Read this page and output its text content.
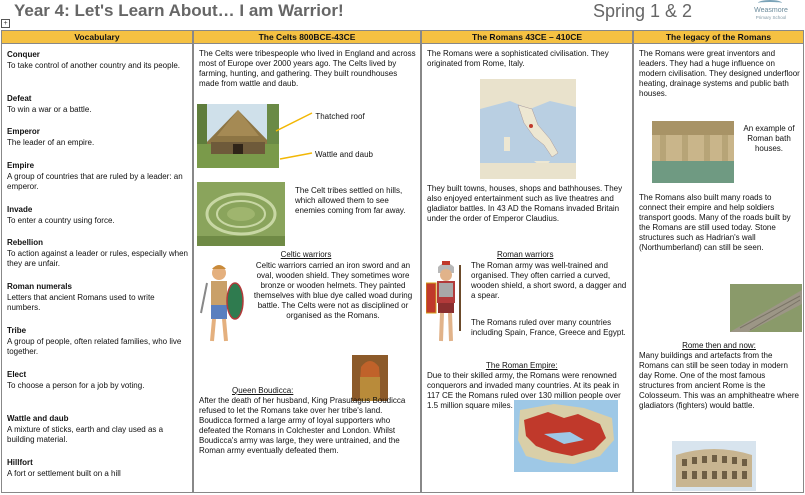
+
Year 4: Let's Learn About… I am Warrior!	Spring 1 & 2	Weasmore
Primary School
Vocabulary
Conquer
To take control of another country and its people.
Defeat
To win a war or a battle.
Emperor
The leader of an empire.
Empire
A group of countries that are ruled by a leader: an emperor.
Invade
To enter a country using force.
Rebellion
To action against a leader or rules, especially when they are unfair.
Roman numerals
Letters that ancient Romans used to write numbers.
Tribe
A group of people, often related families, who live together.
Elect
To choose a person for a job by voting.
Wattle and daub
A mixture of sticks, earth and clay used as a building material.
Hillfort
A fort or settlement built on a hill
The Celts 800BCE-43CE
The Celts were tribespeople who lived in England and across most of Europe over 2000 years ago. The Celts lived by farming, hunting, and gathering. They built roundhouses made from wattle and daub.
Thatched roof
Wattle and daub
The Celt tribes settled on hills, which allowed them to see enemies coming from far away.
Celtic warriors
Celtic warriors carried an iron sword and an oval, wooden shield. They sometimes wore bronze or wooden helmets. They painted themselves with blue dye called woad during battle. The Celts were not as disciplined or organised as the Romans.
Queen Boudicca:
After the death of her husband, King Prasutagus Boudicca refused to let the Romans take over her tribe's land. Boudicca formed a large army of loyal supporters who defeated the Romans in Colchester and London. Whilst Boudicca's army was large, they were untrained, and the Roman army eventually defeated them.
The Romans 43CE – 410CE
The Romans were a sophisticated civilisation. They originated from Rome, Italy.
They built towns, houses, shops and bathhouses. They also enjoyed entertainment such as live theatres and gladiator battles. In 43 AD the Romans invaded Britain under the order of Emperor Claudius.
Roman warriors
The Roman army was well-trained and organised. They often carried a curved, wooden shield, a short sword, a dagger and a spear.
The Romans ruled over many countries including Spain, France, Greece and Egypt.
The Roman Empire:
Due to their skilled army, the Romans were renowned conquerors and invaded many countries. At its peak in 117 CE the Romans ruled over 130 million people over 1.5 million square miles.
The legacy of the Romans
The Romans were great inventors and leaders. They had a huge influence on modern civilisation. They designed underfloor heating, drainage systems and public bath houses.
An example of Roman bath houses.
The Romans also built many roads to connect their empire and help soldiers transport goods. Many of the roads built by the Romans are still used today. Stone structures such as Hadrian's wall (Northumberland) can still be seen.
Rome then and now:
Many buildings and artefacts from the Romans can still be seen today in modern day Rome. One of the most famous structures from ancient Rome is the Colosseum. This was an amphitheatre where gladiators (fighters) would battle.
